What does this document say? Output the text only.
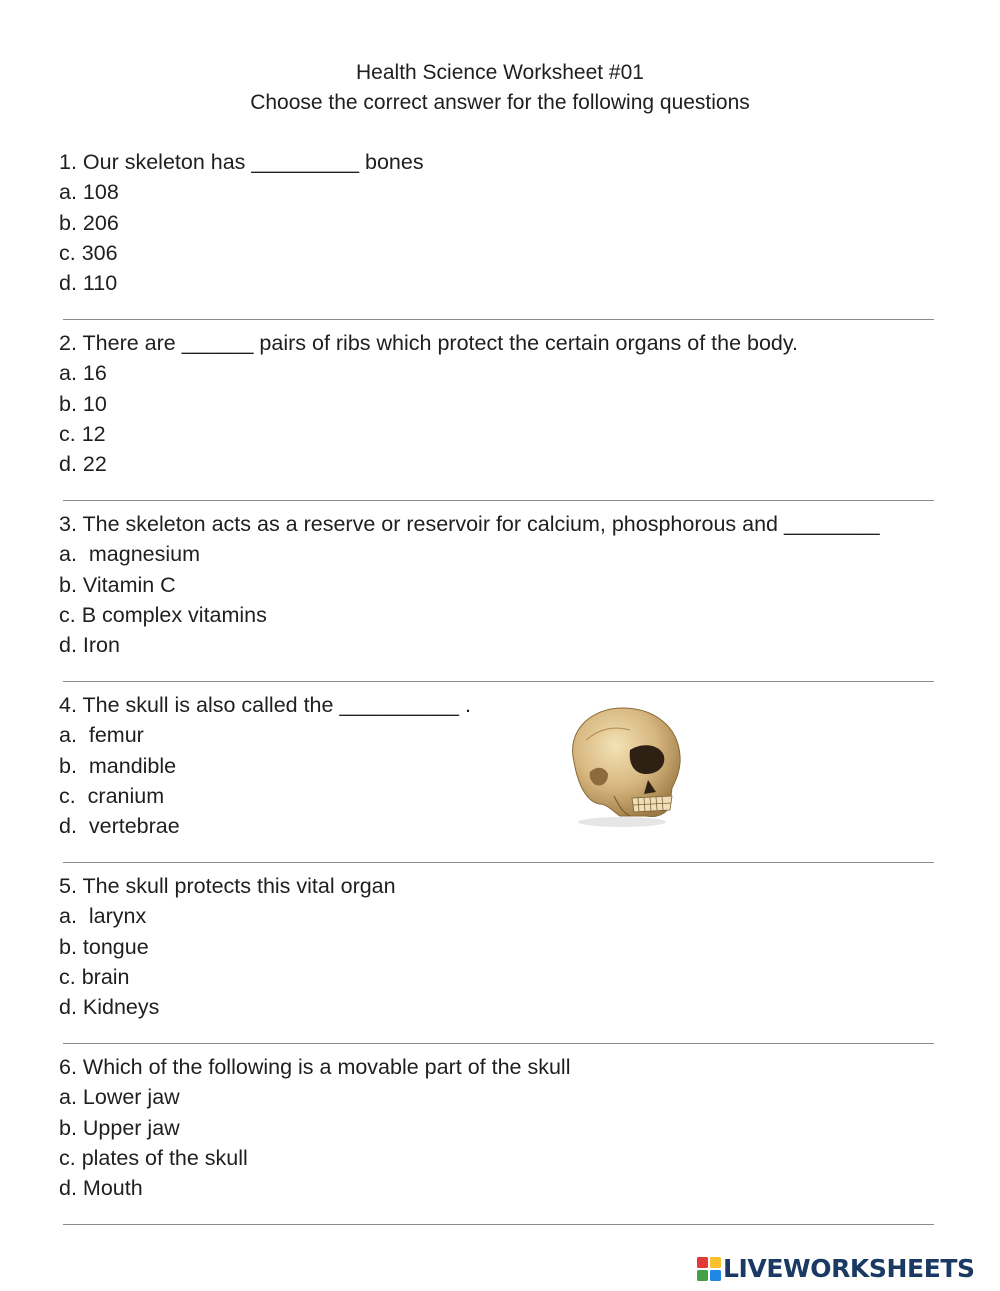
Health Science Worksheet #01
Choose the correct answer for the following questions
1. Our skeleton has _________ bones
a. 108
b. 206
c. 306
d. 110
2. There are ______ pairs of ribs which protect the certain organs of the body.
a. 16
b. 10
c. 12
d. 22
3. The skeleton acts as a reserve or reservoir for calcium, phosphorous and ________
a.  magnesium
b. Vitamin C
c. B complex vitamins
d. Iron
4. The skull is also called the __________ .
a.  femur
b.  mandible
c.  cranium
d.  vertebrae
5. The skull protects this vital organ
a.  larynx
b. tongue
c. brain
d. Kidneys
6. Which of the following is a movable part of the skull
a. Lower jaw
b. Upper jaw
c. plates of the skull
d. Mouth
LIVEWORKSHEETS
